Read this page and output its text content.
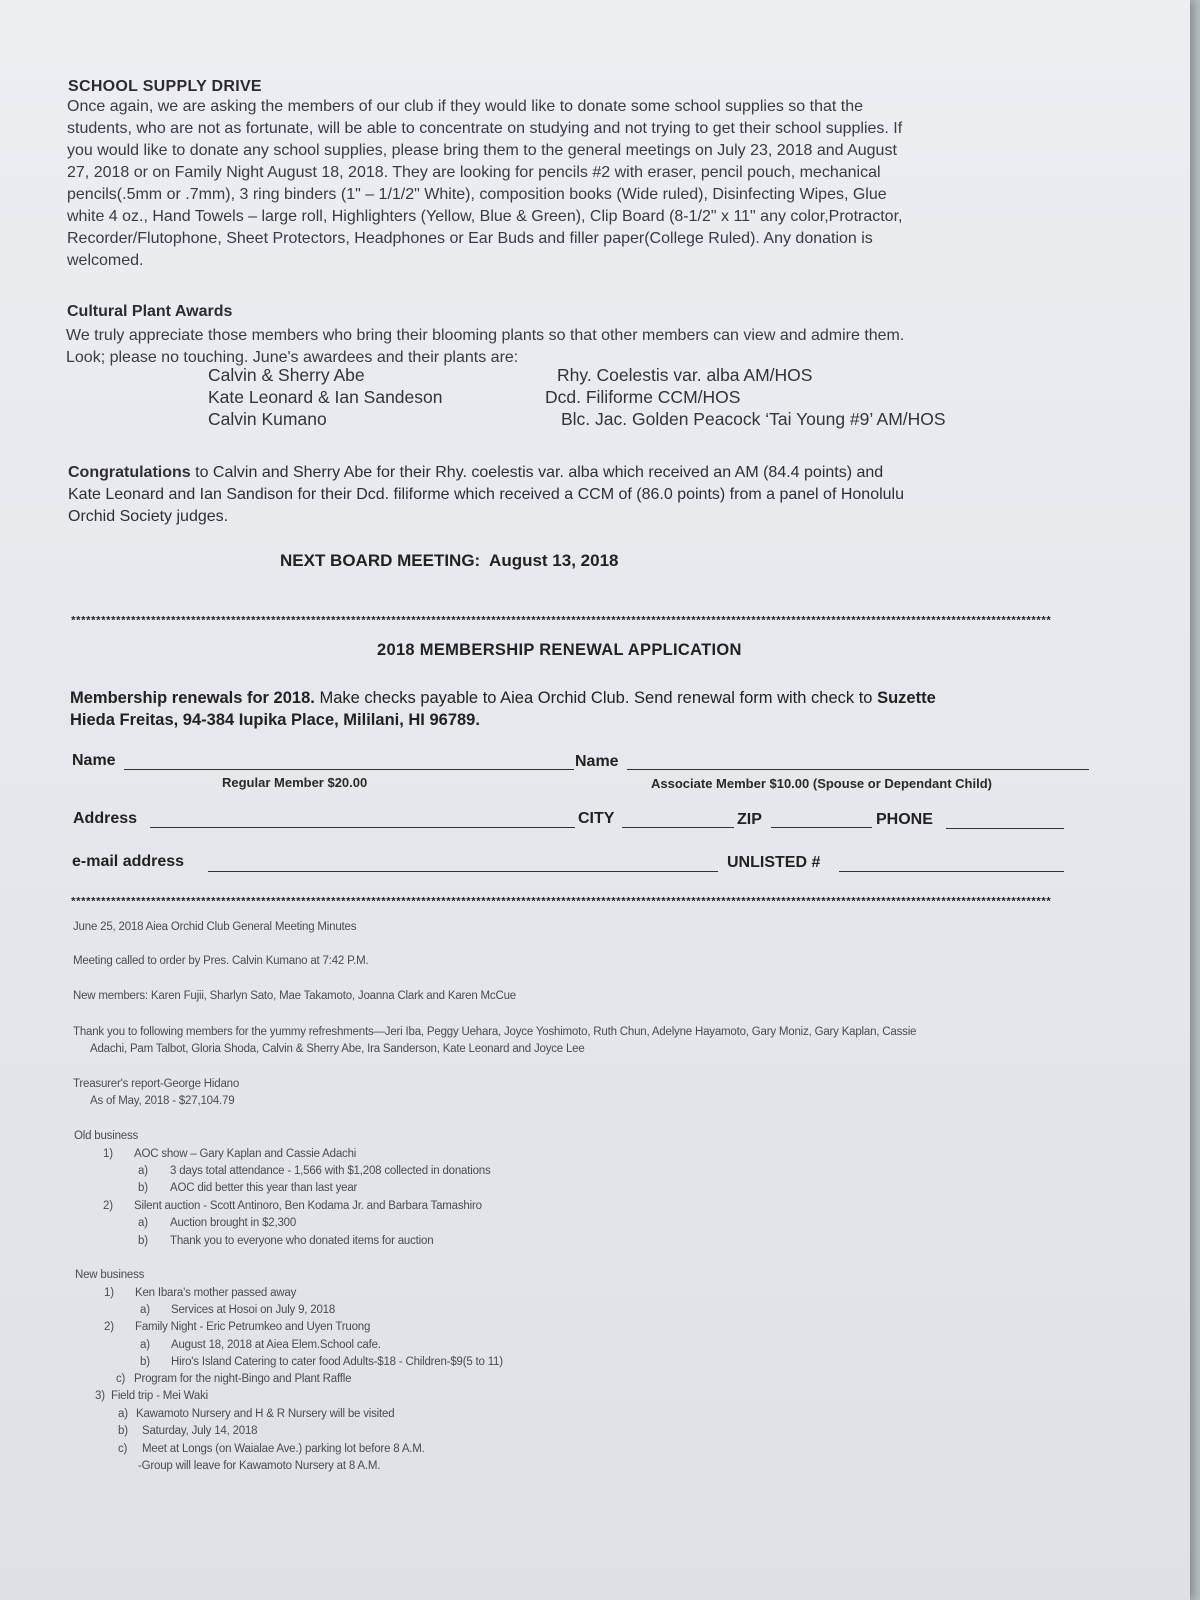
SCHOOL SUPPLY DRIVE
Once again, we are asking the members of our club if they would like to donate some school supplies so that the
students, who are not as fortunate, will be able to concentrate on studying and not trying to get their school supplies. If
you would like to donate any school supplies, please bring them to the general meetings on July 23, 2018 and August
27, 2018 or on Family Night August 18, 2018. They are looking for pencils #2 with eraser, pencil pouch, mechanical
pencils(.5mm or .7mm), 3 ring binders (1" – 1/1/2" White), composition books (Wide ruled), Disinfecting Wipes, Glue
white 4 oz., Hand Towels – large roll, Highlighters (Yellow, Blue & Green), Clip Board (8-1/2" x 11" any color,Protractor,
Recorder/Flutophone, Sheet Protectors, Headphones or Ear Buds and filler paper(College Ruled). Any donation is
welcomed.
Cultural Plant Awards
We truly appreciate those members who bring their blooming plants so that other members can view and admire them.
Look; please no touching. June's awardees and their plants are:
Calvin & Sherry Abe	Rhy. Coelestis var. alba AM/HOS
Kate Leonard & Ian Sandeson	Dcd. Filiforme CCM/HOS
Calvin Kumano	Blc. Jac. Golden Peacock ‘Tai Young #9’ AM/HOS
Congratulations to Calvin and Sherry Abe for their Rhy. coelestis var. alba which received an AM (84.4 points) and
Kate Leonard and Ian Sandison for their Dcd. filiforme which received a CCM of (86.0 points) from a panel of Honolulu
Orchid Society judges.
NEXT BOARD MEETING:  August 13, 2018
****************************************************************************************************************************************************************************************************
2018 MEMBERSHIP RENEWAL APPLICATION
Membership renewals for 2018. Make checks payable to Aiea Orchid Club. Send renewal form with check to Suzette
Hieda Freitas, 94-384 Iupika Place, Mililani, HI 96789.
Name	Name
Regular Member $20.00	Associate Member $10.00 (Spouse or Dependant Child)
Address	CITY	ZIP	PHONE
e-mail address	UNLISTED #
****************************************************************************************************************************************************************************************************
June 25, 2018 Aiea Orchid Club General Meeting Minutes
Meeting called to order by Pres. Calvin Kumano at 7:42 P.M.
New members: Karen Fujii, Sharlyn Sato, Mae Takamoto, Joanna Clark and Karen McCue
Thank you to following members for the yummy refreshments—Jeri Iba, Peggy Uehara, Joyce Yoshimoto, Ruth Chun, Adelyne Hayamoto, Gary Moniz, Gary Kaplan, Cassie
Adachi, Pam Talbot, Gloria Shoda, Calvin & Sherry Abe, Ira Sanderson, Kate Leonard and Joyce Lee
Treasurer's report-George Hidano
As of May, 2018 - $27,104.79
Old business
1) AOC show – Gary Kaplan and Cassie Adachi
a) 3 days total attendance - 1,566 with $1,208 collected in donations
b) AOC did better this year than last year
2) Silent auction - Scott Antinoro, Ben Kodama Jr. and Barbara Tamashiro
a) Auction brought in $2,300
b) Thank you to everyone who donated items for auction
New business
1) Ken Ibara's mother passed away
a) Services at Hosoi on July 9, 2018
2) Family Night - Eric Petrumkeo and Uyen Truong
a) August 18, 2018 at Aiea Elem.School cafe.
b) Hiro's Island Catering to cater food Adults-$18 - Children-$9(5 to 11)
c) Program for the night-Bingo and Plant Raffle
3) Field trip - Mei Waki
a) Kawamoto Nursery and H & R Nursery will be visited
b) Saturday, July 14, 2018
c) Meet at Longs (on Waialae Ave.) parking lot before 8 A.M.
-Group will leave for Kawamoto Nursery at 8 A.M.
